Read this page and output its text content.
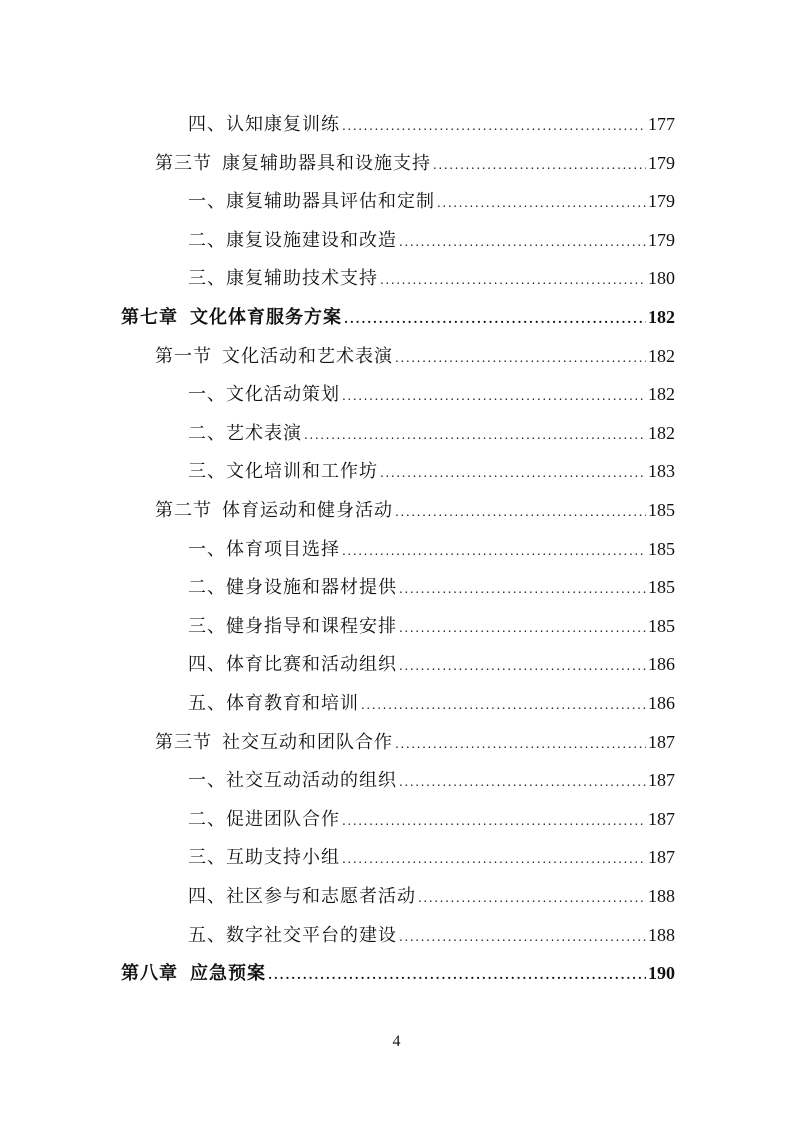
四、认知康复训练 .....	177
第三节 康复辅助器具和设施支持 .....	179
一、康复辅助器具评估和定制 .....	179
二、康复设施建设和改造 .....	179
三、康复辅助技术支持 .....	180
第七章 文化体育服务方案 .....	182
第一节 文化活动和艺术表演 .....	182
一、文化活动策划 .....	182
二、艺术表演 .....	182
三、文化培训和工作坊 .....	183
第二节 体育运动和健身活动 .....	185
一、体育项目选择 .....	185
二、健身设施和器材提供 .....	185
三、健身指导和课程安排 .....	185
四、体育比赛和活动组织 .....	186
五、体育教育和培训 .....	186
第三节 社交互动和团队合作 .....	187
一、社交互动活动的组织 .....	187
二、促进团队合作 .....	187
三、互助支持小组 .....	187
四、社区参与和志愿者活动 .....	188
五、数字社交平台的建设 .....	188
第八章 应急预案 .....	190
4
